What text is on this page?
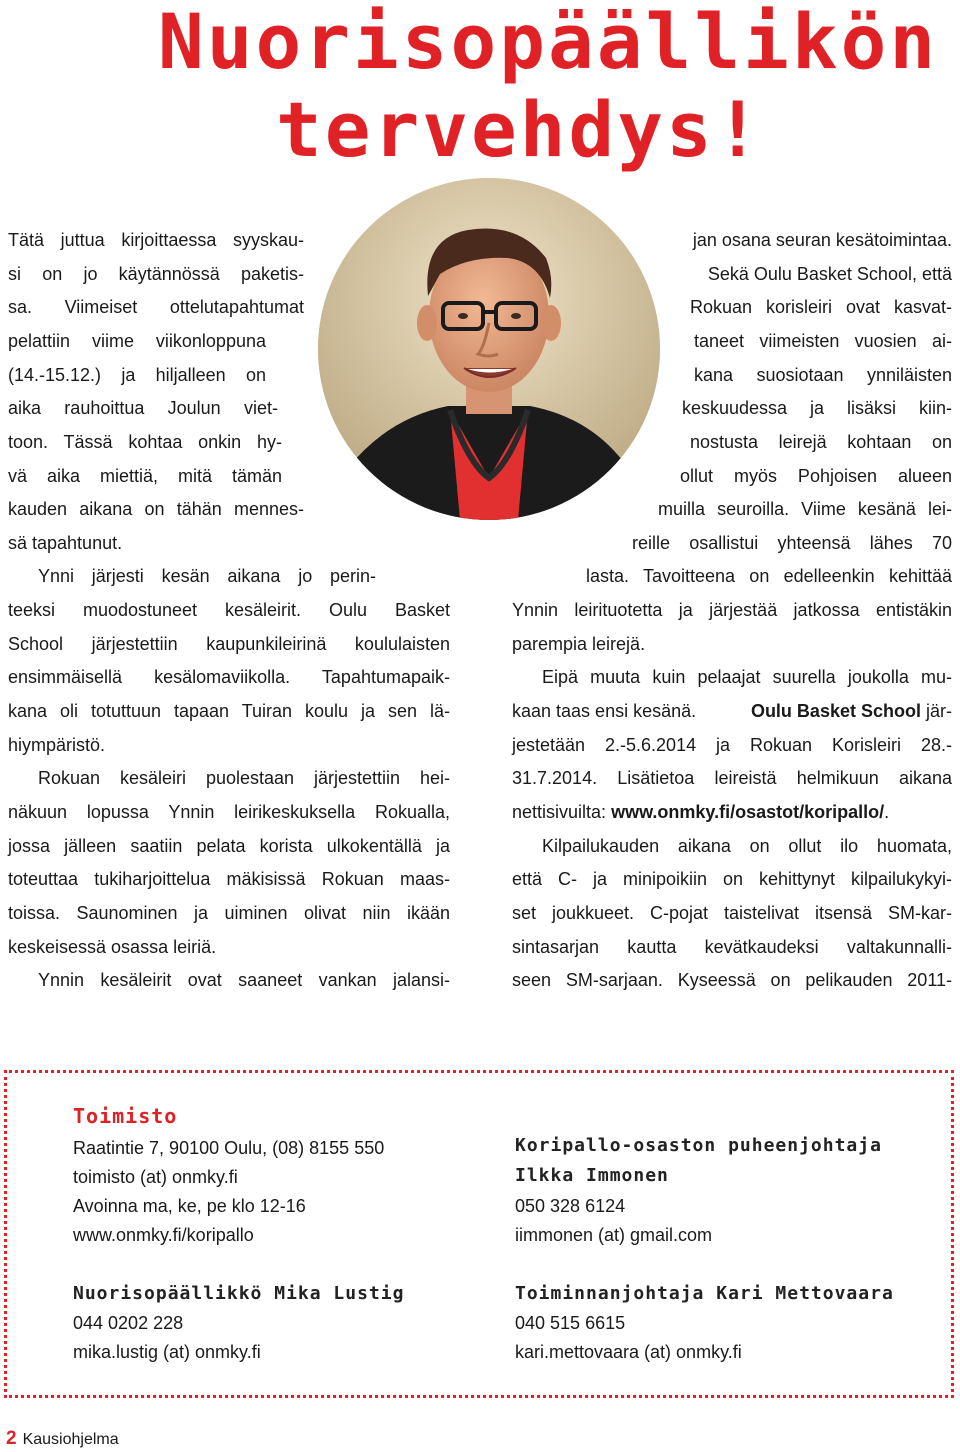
Nuorisopäällikön
tervehdys!
Tätä juttua kirjoittaessa syyskau-
si on jo käytännössä paketis-
sa. Viimeiset ottelutapahtumat
pelattiin viime viikonloppuna
(14.-15.12.) ja hiljalleen on
aika rauhoittua Joulun viet-
toon. Tässä kohtaa onkin hy-
vä aika miettiä, mitä tämän
kauden aikana on tähän mennes-
sä tapahtunut.
Ynni järjesti kesän aikana jo perin-
teeksi muodostuneet kesäleirit. Oulu Basket
School järjestettiin kaupunkileirinä koululaisten
ensimmäisellä kesälomaviikolla. Tapahtumapaik-
kana oli totuttuun tapaan Tuiran koulu ja sen lä-
hiympäristö.
Rokuan kesäleiri puolestaan järjestettiin hei-
näkuun lopussa Ynnin leirikeskuksella Rokualla,
jossa jälleen saatiin pelata korista ulkokentällä ja
toteuttaa tukiharjoittelua mäkisissä Rokuan maas-
toissa. Saunominen ja uiminen olivat niin ikään
keskeisessä osassa leiriä.
Ynnin kesäleirit ovat saaneet vankan jalansi-
jan osana seuran kesätoimintaa.
Sekä Oulu Basket School, että
Rokuan korisleiri ovat kasvat-
taneet viimeisten vuosien ai-
kana suosiotaan ynniläisten
keskuudessa ja lisäksi kiin-
nostusta leirejä kohtaan on
ollut myös Pohjoisen alueen
muilla seuroilla. Viime kesänä lei-
reille osallistui yhteensä lähes 70
lasta. Tavoitteena on edelleenkin kehittää
Ynnin leirituotetta ja järjestää jatkossa entistäkin
parempia leirejä.
Eipä muuta kuin pelaajat suurella joukolla mu-
kaan taas ensi kesänä.	Oulu Basket School jär-
jestetään 2.-5.6.2014 ja Rokuan Korisleiri 28.-
31.7.2014. Lisätietoa leireistä helmikuun aikana
nettisivuilta: www.onmky.fi/osastot/koripallo/.
Kilpailukauden aikana on ollut ilo huomata,
että C- ja minipoikiin on kehittynyt kilpailukykyi-
set joukkueet. C-pojat taistelivat itsensä SM-kar-
sintasarjan kautta kevätkaudeksi valtakunnalli-
seen SM-sarjaan. Kyseessä on pelikauden 2011-
Toimisto
Raatintie 7, 90100 Oulu, (08) 8155 550
toimisto (at) onmky.fi
Avoinna ma, ke, pe klo 12-16
www.onmky.fi/koripallo
Koripallo-osaston puheenjohtaja
Ilkka Immonen
050 328 6124
iimmonen (at) gmail.com
Nuorisopäällikkö Mika Lustig
044 0202 228
mika.lustig (at) onmky.fi
Toiminnanjohtaja Kari Mettovaara
040 515 6615
kari.mettovaara (at) onmky.fi
2 Kausiohjelma
